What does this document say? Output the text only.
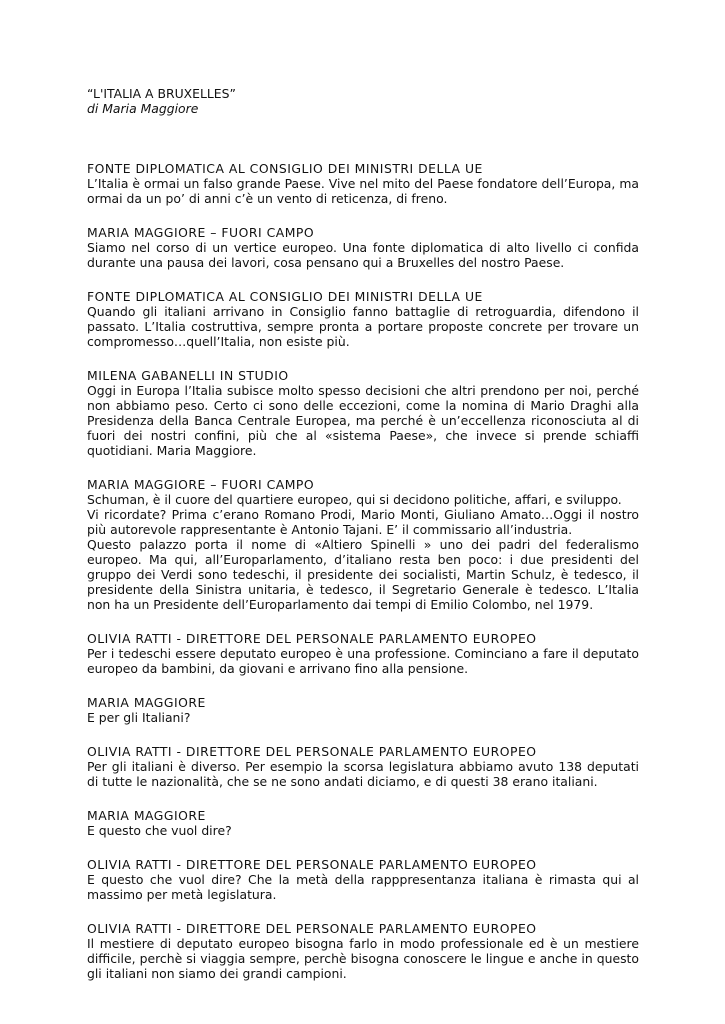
“L'ITALIA A BRUXELLES”

di Maria Maggiore

FONTE DIPLOMATICA AL CONSIGLIO DEI MINISTRI DELLA UE

L’Italia è ormai un falso grande Paese. Vive nel mito del Paese fondatore dell’Europa, ma ormai da un po’ di anni c’è un vento di reticenza, di freno.

MARIA MAGGIORE – FUORI CAMPO

Siamo nel corso di un vertice europeo. Una fonte diplomatica di alto livello ci confida durante una pausa dei lavori, cosa pensano qui a Bruxelles del nostro Paese.

FONTE DIPLOMATICA AL CONSIGLIO DEI MINISTRI DELLA UE

Quando gli italiani arrivano in Consiglio fanno battaglie di retroguardia, difendono il passato. L’Italia costruttiva, sempre pronta a portare proposte concrete per trovare un compromesso…quell’Italia, non esiste più.

MILENA GABANELLI IN STUDIO

Oggi in Europa l’Italia subisce molto spesso decisioni che altri prendono per noi, perché non abbiamo peso. Certo ci sono delle eccezioni, come la nomina di Mario Draghi alla Presidenza della Banca Centrale Europea, ma perché è un’eccellenza riconosciuta al di fuori dei nostri confini, più che al «sistema Paese», che invece si prende schiaffi quotidiani. Maria Maggiore.

MARIA MAGGIORE – FUORI CAMPO

Schuman, è il cuore del quartiere europeo, qui si decidono politiche, affari, e sviluppo.

Vi ricordate? Prima c’erano Romano Prodi, Mario Monti, Giuliano Amato…Oggi il nostro più autorevole rappresentante è Antonio Tajani. E’ il commissario all’industria.

Questo palazzo porta il nome di «Altiero Spinelli » uno dei padri del federalismo europeo. Ma qui, all’Europarlamento, d’italiano resta ben poco: i due presidenti del gruppo dei Verdi sono tedeschi, il presidente dei socialisti, Martin Schulz, è tedesco, il presidente della Sinistra unitaria, è tedesco, il Segretario Generale è tedesco. L’Italia non ha un Presidente dell’Europarlamento dai tempi di Emilio Colombo, nel 1979.

OLIVIA RATTI - DIRETTORE DEL PERSONALE PARLAMENTO EUROPEO

Per i tedeschi essere deputato europeo è una professione. Cominciano a fare il deputato europeo da bambini, da giovani e arrivano fino alla pensione.

MARIA MAGGIORE

E per gli Italiani?

OLIVIA RATTI - DIRETTORE DEL PERSONALE PARLAMENTO EUROPEO

Per gli italiani è diverso. Per esempio la scorsa legislatura abbiamo avuto 138 deputati di tutte le nazionalità, che se ne sono andati diciamo, e di questi 38 erano italiani.

MARIA MAGGIORE

E questo che vuol dire?

OLIVIA RATTI - DIRETTORE DEL PERSONALE PARLAMENTO EUROPEO

E questo che vuol dire? Che la metà della rapppresentanza italiana è rimasta qui al massimo per metà legislatura.

OLIVIA RATTI - DIRETTORE DEL PERSONALE PARLAMENTO EUROPEO

Il mestiere di deputato europeo bisogna farlo in modo professionale ed è un mestiere difficile, perchè si viaggia sempre, perchè bisogna conoscere le lingue e anche in questo gli italiani non siamo dei grandi campioni.
